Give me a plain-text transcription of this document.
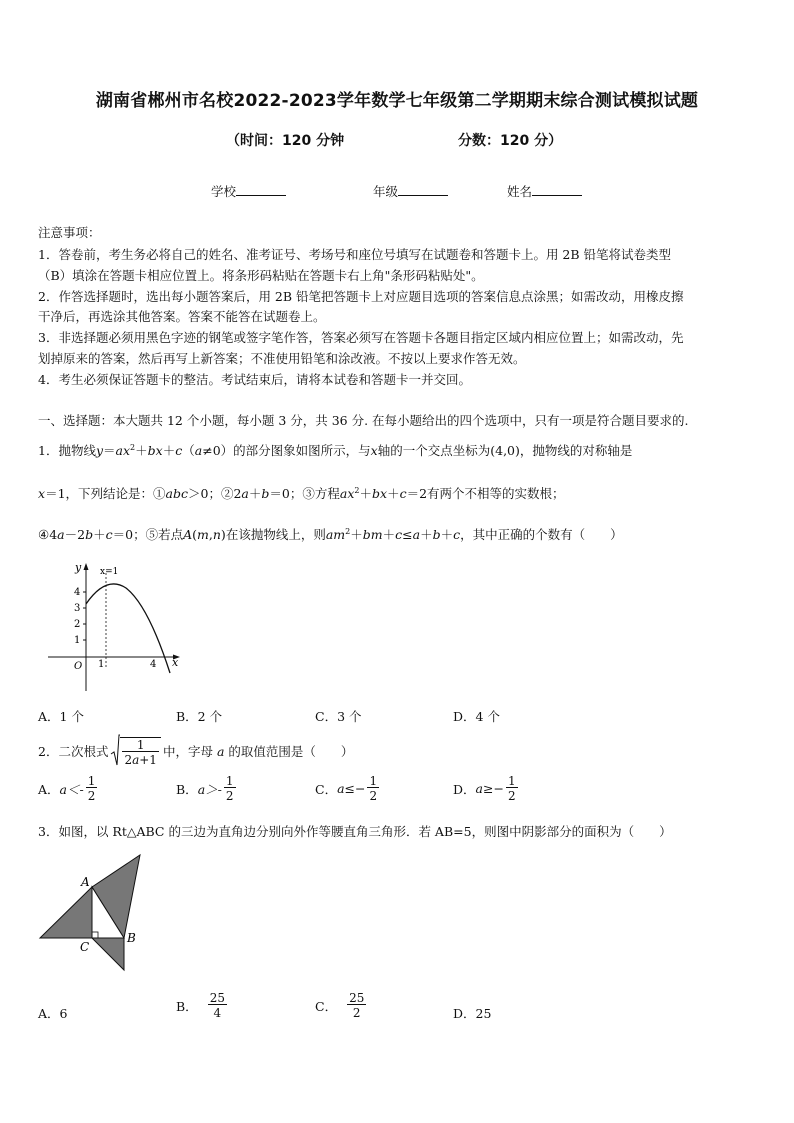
湖南省郴州市名校2022-2023学年数学七年级第二学期期末综合测试模拟试题
（时间：120 分钟	分数：120 分）
学校	年级	姓名
注意事项：
1．答卷前，考生务必将自己的姓名、准考证号、考场号和座位号填写在试题卷和答题卡上。用 2B 铅笔将试卷类型
（B）填涂在答题卡相应位置上。将条形码粘贴在答题卡右上角"条形码粘贴处"。
2．作答选择题时，选出每小题答案后，用 2B 铅笔把答题卡上对应题目选项的答案信息点涂黑；如需改动，用橡皮擦
干净后，再选涂其他答案。答案不能答在试题卷上。
3．非选择题必须用黑色字迹的钢笔或签字笔作答，答案必须写在答题卡各题目指定区域内相应位置上；如需改动，先
划掉原来的答案，然后再写上新答案；不准使用铅笔和涂改液。不按以上要求作答无效。
4．考生必须保证答题卡的整洁。考试结束后，请将本试卷和答题卡一并交回。
一、选择题：本大题共 12 个小题，每小题 3 分，共 36 分. 在每小题给出的四个选项中，只有一项是符合题目要求的.
1．抛物线$y=ax^2+bx+c(a\ne 0)$的部分图象如图所示，与x轴的一个交点坐标为(4,0)，抛物线的对称轴是
x＝1，下列结论是：①abc＞0；②2a＋b＝0；③方程$ax^2+bx+c=2$有两个不相等的实数根；
④4a－2b＋c＝0；⑤若点A(m,n)在该抛物线上，则$am^2+bm+c\le a+b+c$，其中正确的个数有（　　）
y
x
O
x=1
4
3
2
1
1	4
A．1 个	B．2 个	C．3 个	D．4 个
2．二次根式 $\frac{1}{2a+1}$ 中，字母
a
的取值范围是（　　）
A． $a<- \frac{1}{2}$	B． $a>- \frac{1}{2}$	C． $a\le- \frac{1}{2}$	D． $a\ge- \frac{1}{2}$
3．如图，以 Rt△ABC 的三边为直角边分别向外作等腰直角三角形．若 AB=5，则图中阴影部分的面积为（　　）
A
C
B
A．6	B． $\frac{25}{4}$	C． $\frac{25}{2}$	D．25
